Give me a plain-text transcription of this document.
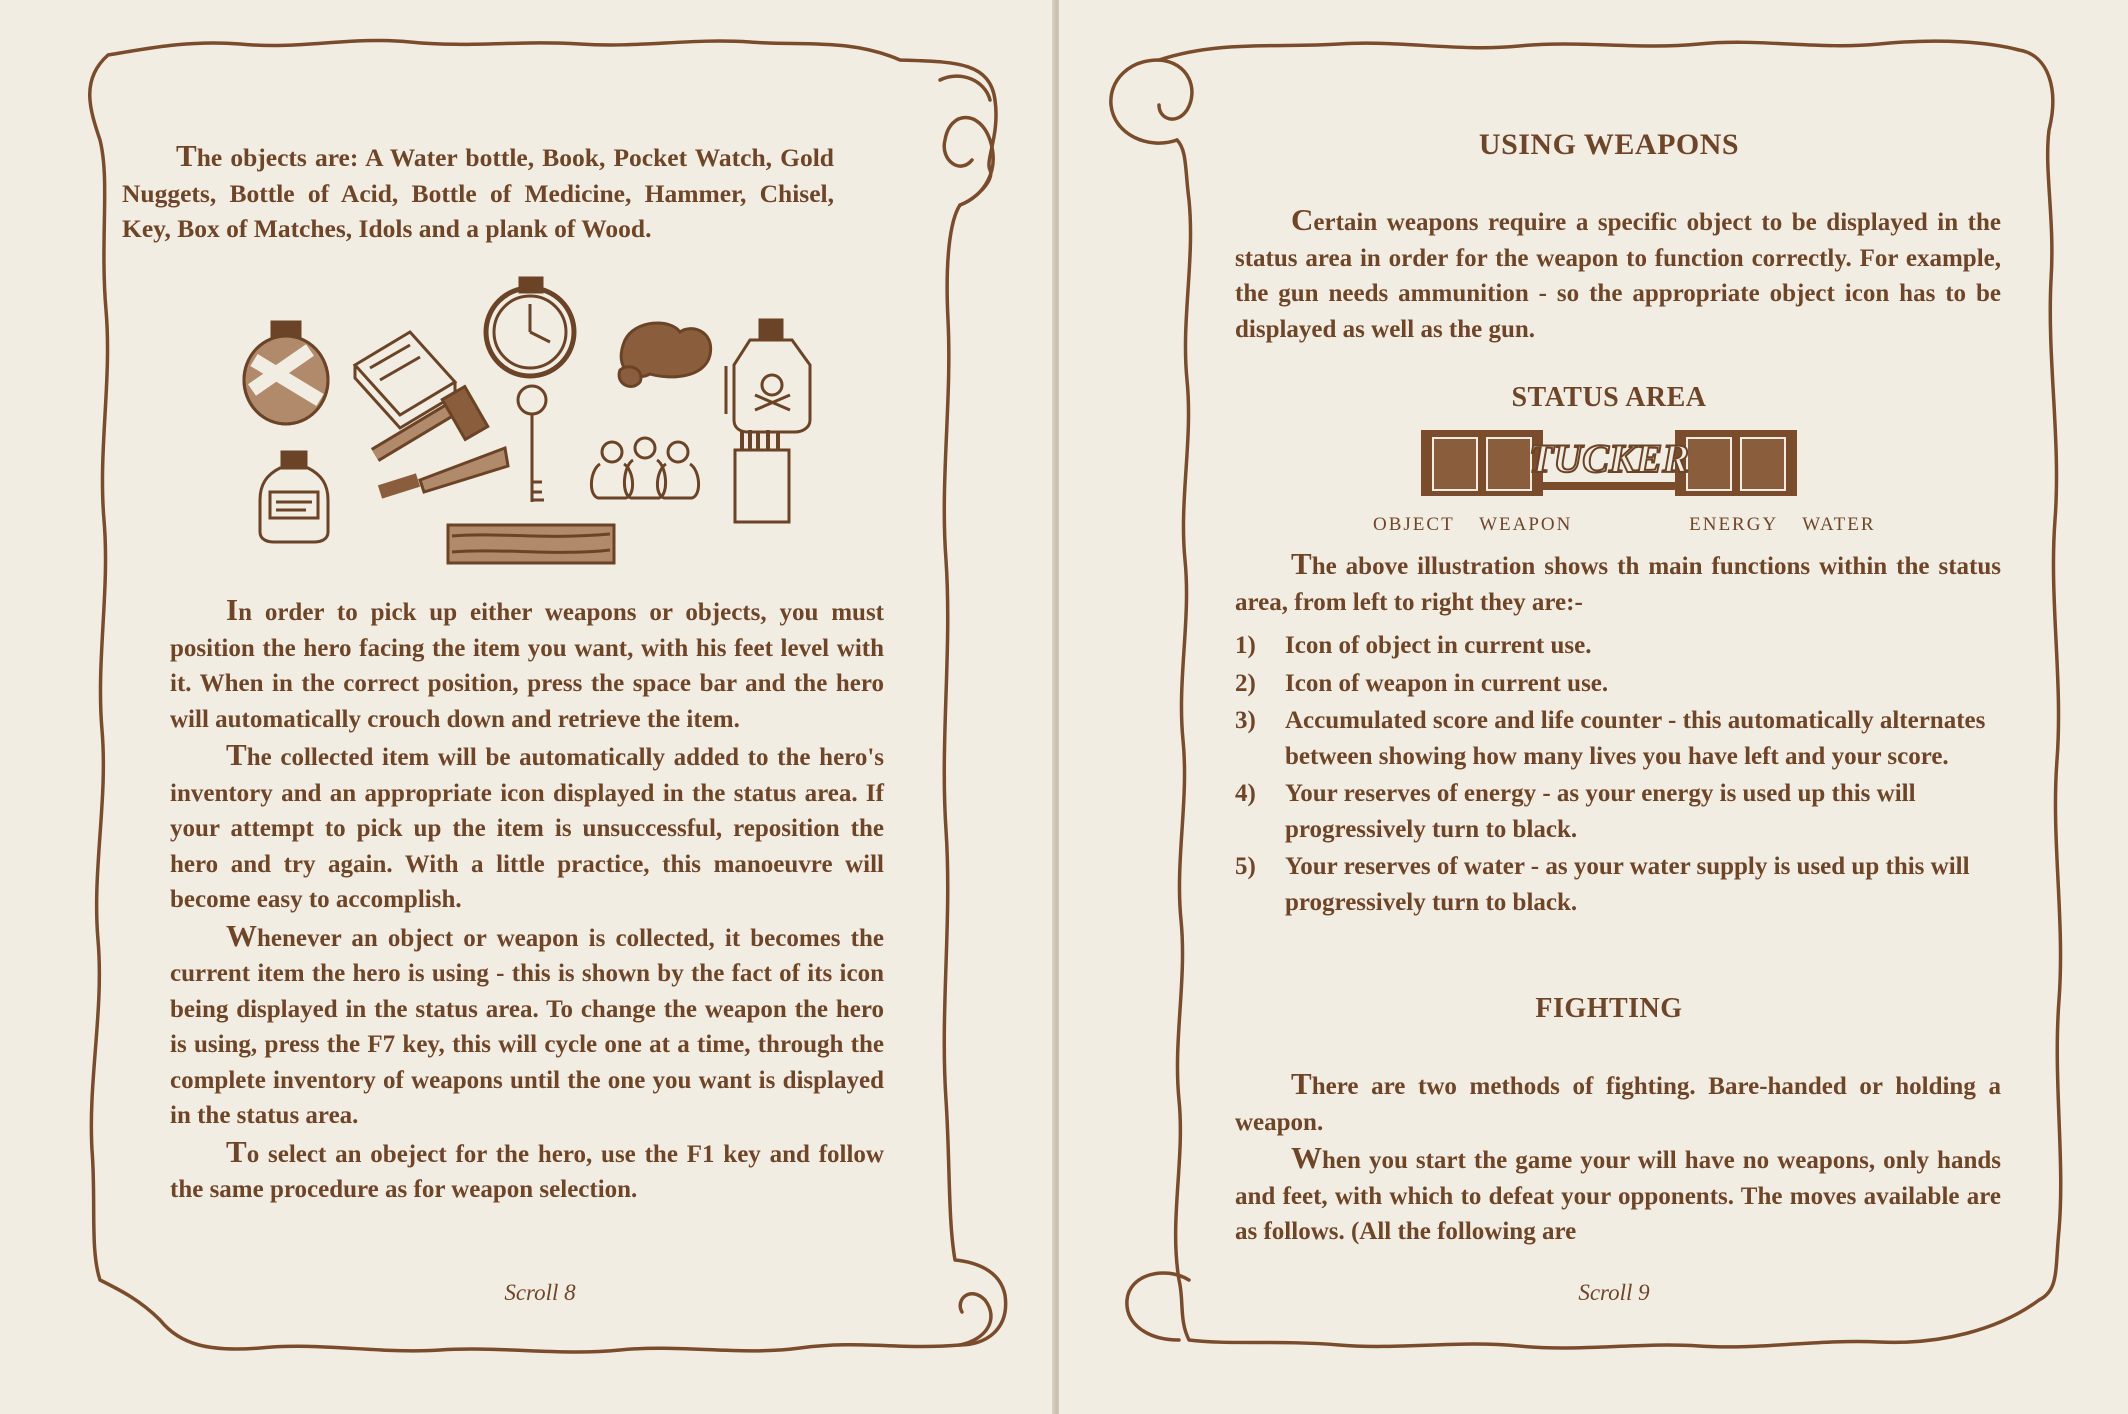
The objects are: A Water bottle, Book, Pocket Watch, Gold Nuggets, Bottle of Acid, Bottle of Medicine, Hammer, Chisel, Key, Box of Matches, Idols and a plank of Wood.

In order to pick up either weapons or objects, you must position the hero facing the item you want, with his feet level with it. When in the correct position, press the space bar and the hero will automatically crouch down and retrieve the item.

The collected item will be automatically added to the hero's inventory and an appropriate icon displayed in the status area. If your attempt to pick up the item is unsuccessful, reposition the hero and try again. With a little practice, this manoeuvre will become easy to accomplish.

Whenever an object or weapon is collected, it becomes the current item the hero is using - this is shown by the fact of its icon being displayed in the status area. To change the weapon the hero is using, press the F7 key, this will cycle one at a time, through the complete inventory of weapons until the one you want is displayed in the status area.

To select an obeject for the hero, use the F1 key and follow the same procedure as for weapon selection.

Scroll 8
USING WEAPONS
Certain weapons require a specific object to be displayed in the status area in order for the weapon to function correctly. For example, the gun needs ammunition - so the appropriate object icon has to be displayed as well as the gun.
STATUS AREA
TUCKER
OBJECT WEAPON	ENERGY WATER
The above illustration shows th main functions within the status area, from left to right they are:-
1) Icon of object in current use.
2) Icon of weapon in current use.
3) Accumulated score and life counter - this automatically alternates between showing how many lives you have left and your score.
4) Your reserves of energy - as your energy is used up this will progressively turn to black.
5) Your reserves of water - as your water supply is used up this will progressively turn to black.
FIGHTING

There are two methods of fighting. Bare-handed or holding a weapon.

When you start the game your will have no weapons, only hands and feet, with which to defeat your opponents. The moves available are as follows. (All the following are

Scroll 9
